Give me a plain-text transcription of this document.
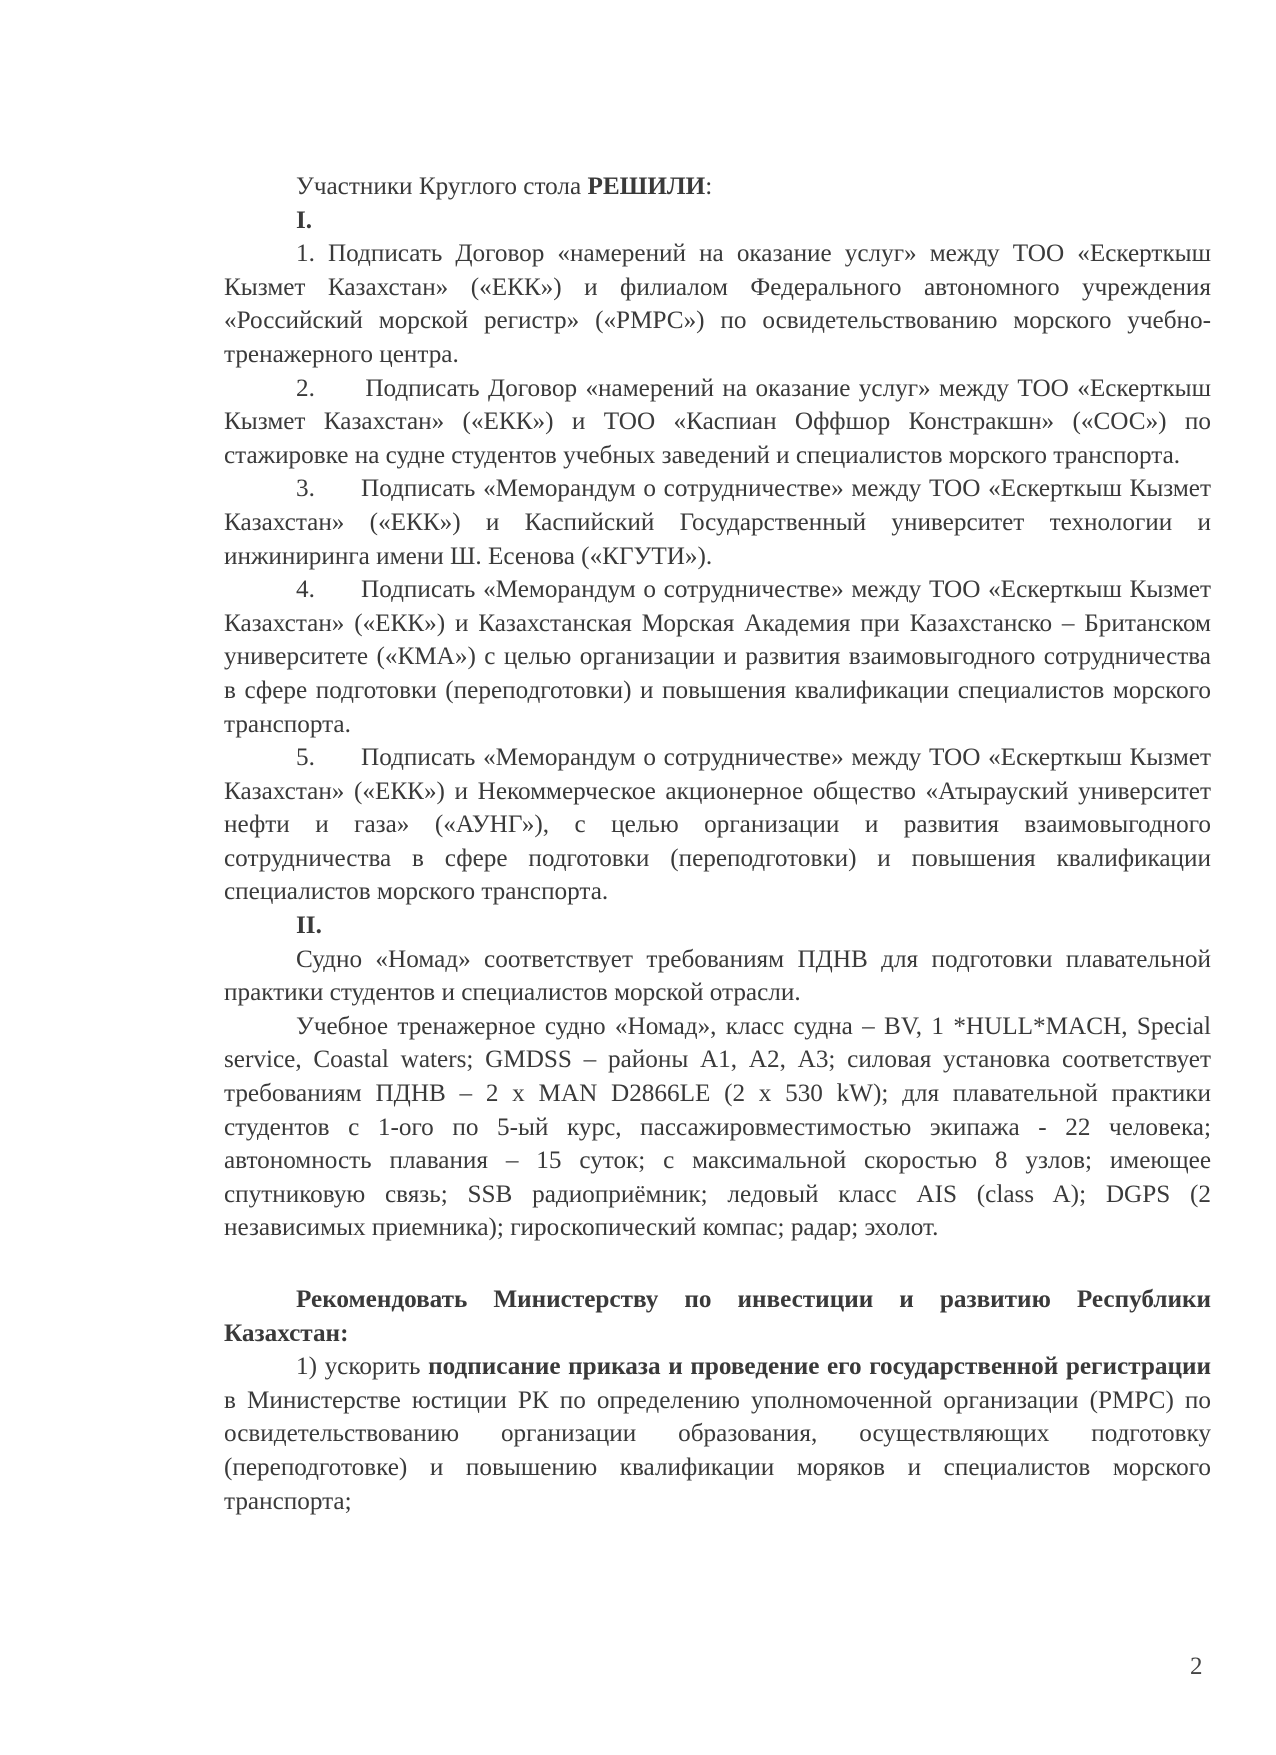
Участники Круглого стола РЕШИЛИ:

I.

1. Подписать Договор «намерений на оказание услуг» между ТОО «Ескерткыш Кызмет Казахстан» («ЕКК») и филиалом Федерального автономного учреждения «Российский морской регистр» («РМРС») по освидетельствованию морского учебно-тренажерного центра.

2.      Подписать Договор «намерений на оказание услуг» между ТОО «Ескерткыш Кызмет Казахстан» («ЕКК») и ТОО «Каспиан Оффшор Констракшн» («СОС») по стажировке на судне студентов учебных заведений и специалистов морского транспорта.

3.      Подписать «Меморандум о сотрудничестве» между ТОО «Ескерткыш Кызмет Казахстан» («ЕКК») и Каспийский Государственный университет технологии и инжиниринга имени Ш. Есенова («КГУТИ»).

4.      Подписать «Меморандум о сотрудничестве» между ТОО «Ескерткыш Кызмет Казахстан» («ЕКК») и Казахстанская Морская Академия при Казахстанско – Британском университете («КМА») с целью организации и развития взаимовыгодного сотрудничества в сфере подготовки (переподготовки) и повышения квалификации специалистов морского транспорта.

5.      Подписать «Меморандум о сотрудничестве» между ТОО «Ескерткыш Кызмет Казахстан» («ЕКК») и Некоммерческое акционерное общество «Атырауский университет нефти и газа» («АУНГ»), с целью организации и развития взаимовыгодного сотрудничества в сфере подготовки (переподготовки) и повышения квалификации специалистов морского транспорта.

II.

Судно «Номад» соответствует требованиям ПДНВ для подготовки плавательной практики студентов и специалистов морской отрасли.

Учебное тренажерное судно «Номад», класс судна – BV, 1 *HULL*MACH, Special service, Coastal waters; GMDSS – районы А1, А2, А3; силовая установка соответствует требованиям ПДНВ – 2 x MAN D2866LE (2 x 530 kW); для плавательной практики студентов с 1-ого по 5-ый курс, пассажировместимостью экипажа - 22 человека; автономность плавания – 15 суток; с максимальной скоростью 8 узлов; имеющее спутниковую связь; SSB радиоприёмник; ледовый класс AIS (class A); DGPS (2 независимых приемника); гироскопический компас; радар; эхолот.

Рекомендовать Министерству по инвестиции и развитию Республики Казахстан:

1) ускорить подписание приказа и проведение его государственной регистрации в Министерстве юстиции РК по определению уполномоченной организации (РМРС) по освидетельствованию организации образования, осуществляющих подготовку (переподготовке) и повышению квалификации моряков и специалистов морского транспорта;

2
